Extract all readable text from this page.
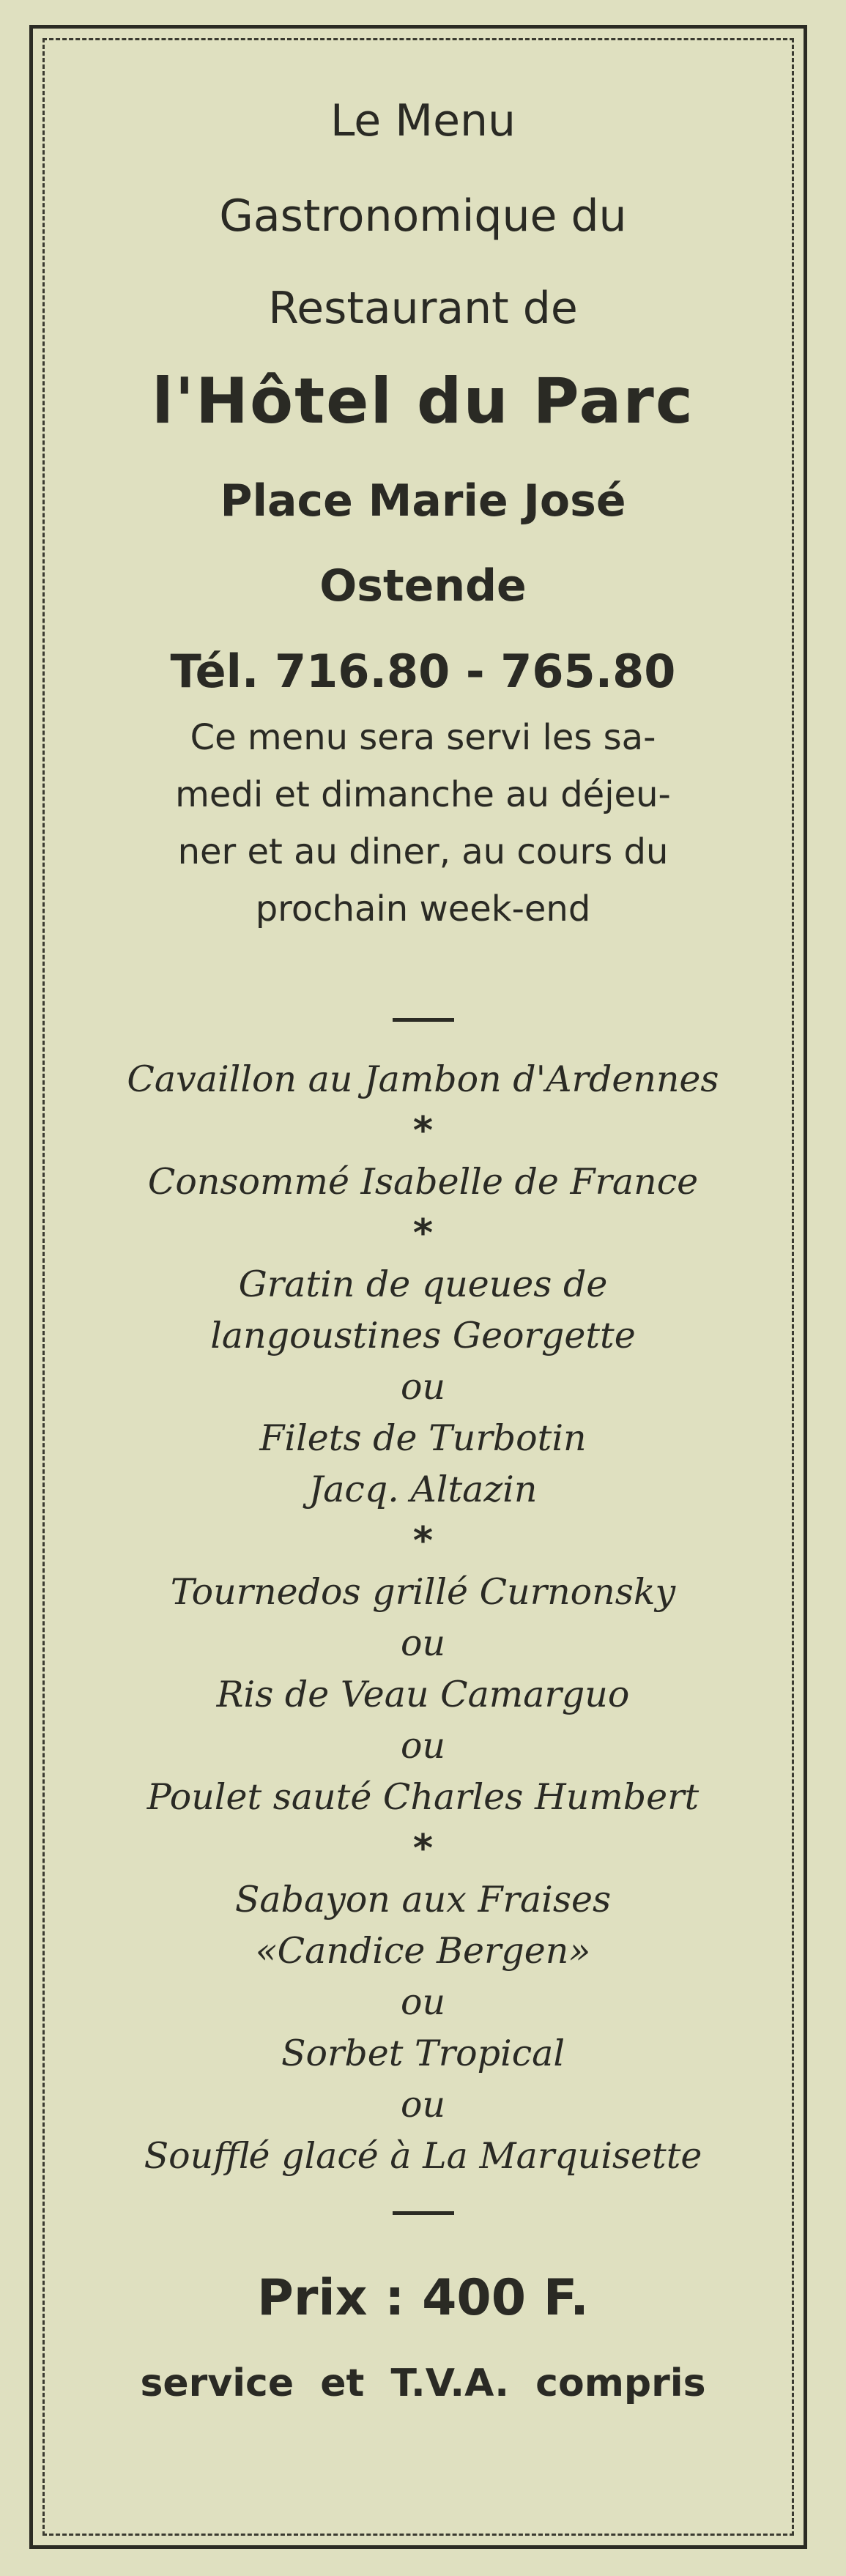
Le Menu
Gastronomique du
Restaurant de
l'Hôtel du Parc
Place Marie José
Ostende
Tél. 716.80 - 765.80

Ce menu sera servi les sa-

medi et dimanche au déjeu-

ner et au diner, au cours du

prochain week-end

Cavaillon au Jambon d'Ardennes

*

Consommé Isabelle de France

*

Gratin de queues de

langoustines Georgette

ou

Filets de Turbotin

Jacq. Altazin

*

Tournedos grillé Curnonsky

ou

Ris de Veau Camarguo

ou

Poulet sauté Charles Humbert

*

Sabayon aux Fraises

«Candice Bergen»

ou

Sorbet Tropical

ou

Soufflé glacé à La Marquisette

Prix : 400 F.
service et T.V.A. compris
